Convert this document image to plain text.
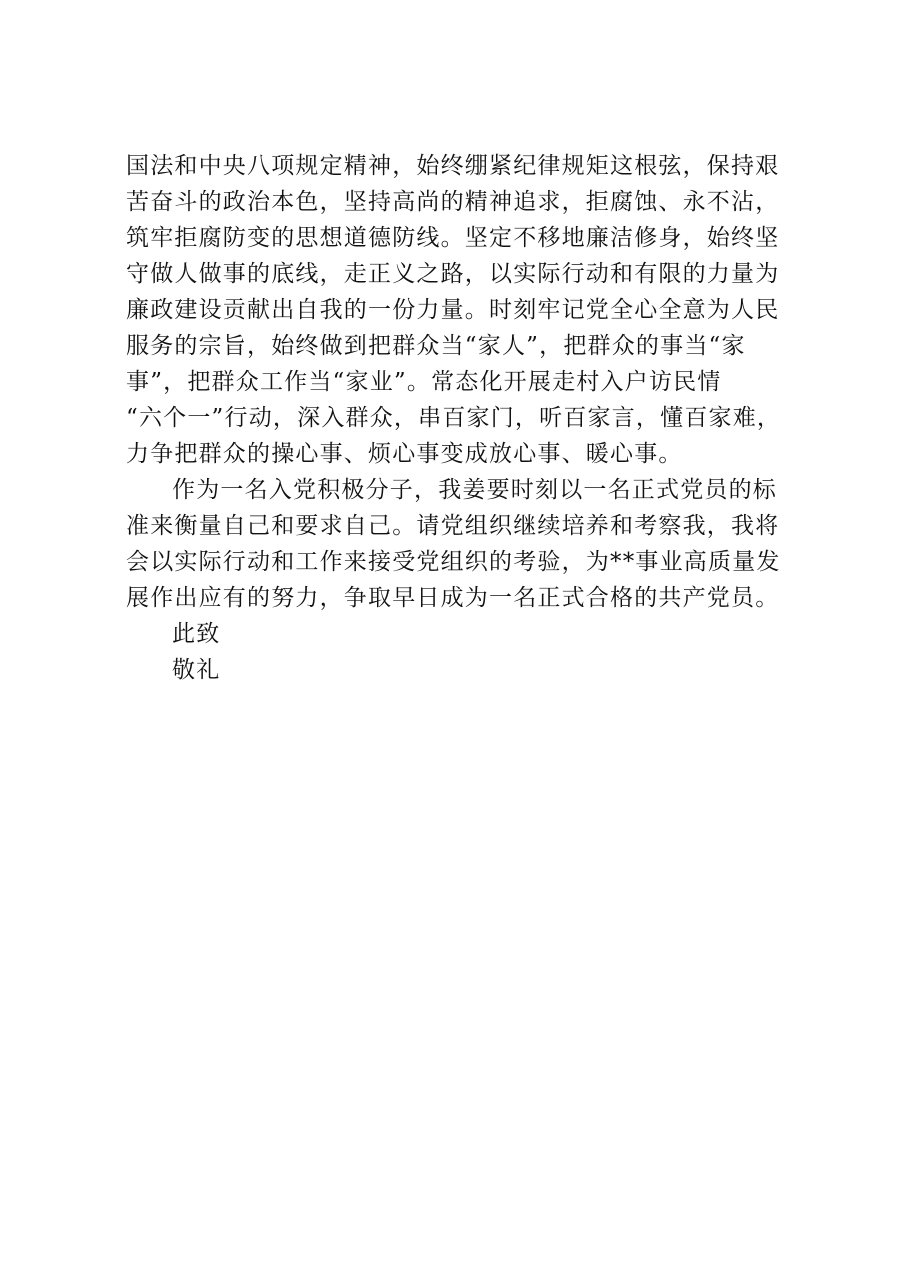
国法和中央八项规定精神，始终绷紧纪律规矩这根弦，保持艰
苦奋斗的政治本色，坚持高尚的精神追求，拒腐蚀、永不沾，
筑牢拒腐防变的思想道德防线。坚定不移地廉洁修身，始终坚
守做人做事的底线，走正义之路，以实际行动和有限的力量为
廉政建设贡献出自我的一份力量。时刻牢记党全心全意为人民
服务的宗旨，始终做到把群众当“家人”，把群众的事当“家
事”，把群众工作当“家业”。常态化开展走村入户访民情
“六个一”行动，深入群众，串百家门，听百家言，懂百家难，
力争把群众的操心事、烦心事变成放心事、暖心事。
作为一名入党积极分子，我姜要时刻以一名正式党员的标
准来衡量自己和要求自己。请党组织继续培养和考察我，我将
会以实际行动和工作来接受党组织的考验，为**事业高质量发
展作出应有的努力，争取早日成为一名正式合格的共产党员。
此致
敬礼
